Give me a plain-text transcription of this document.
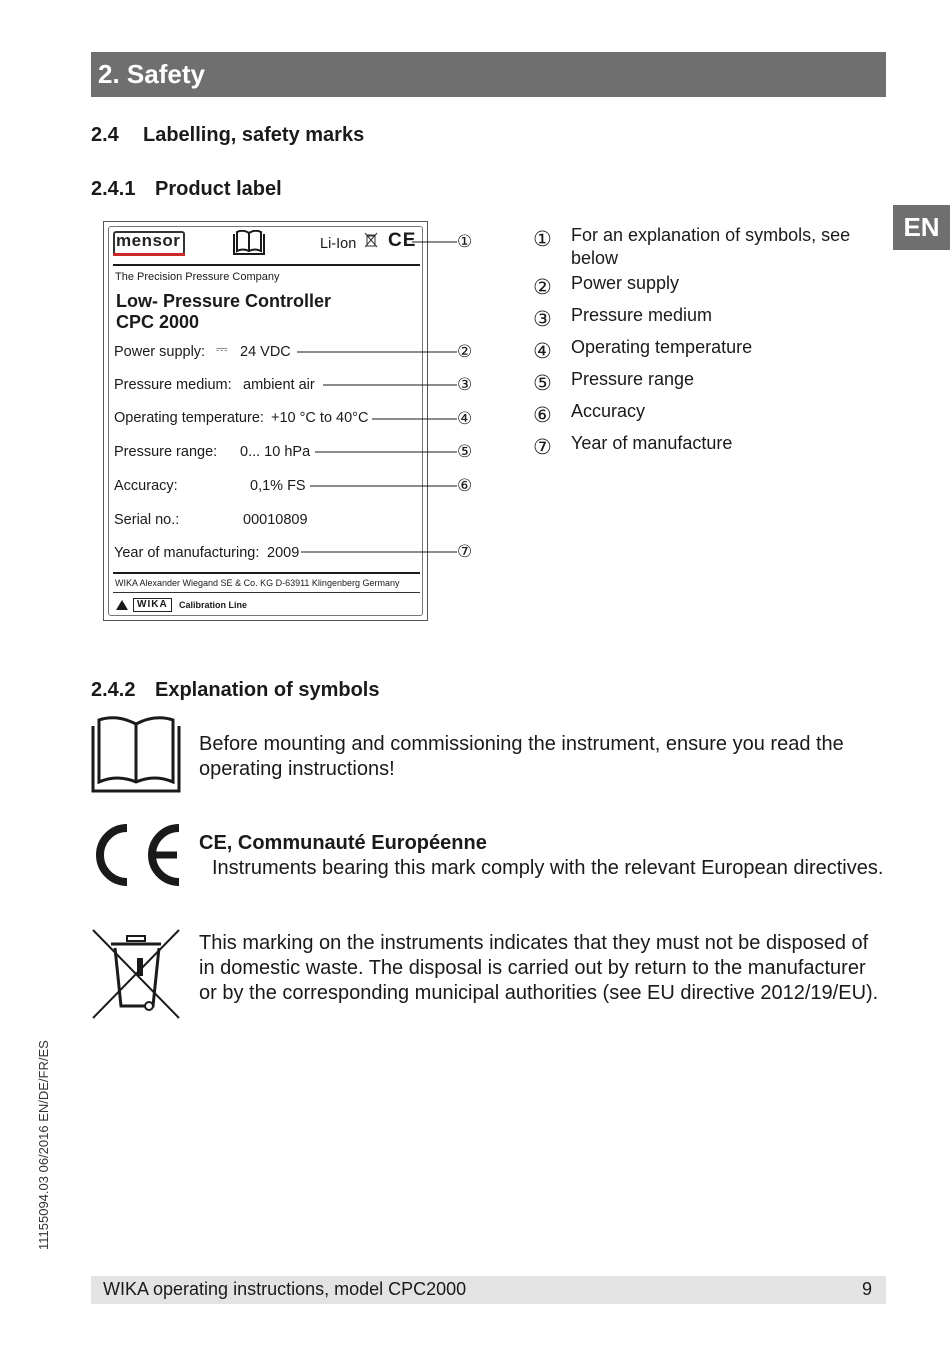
2. Safety
EN
2.4 Labelling, safety marks
2.4.1 Product label
mensor	Li-Ion CE
The Precision Pressure Company
Low- Pressure Controller
CPC 2000
Power supply: ⎓ 24 VDC
Pressure medium: ambient air
Operating temperature: +10 °C to 40°C
Pressure range: 0... 10 hPa
Accuracy:	0,1% FS
Serial no.:	00010809
Year of manufacturing: 2009
WIKA Alexander Wiegand SE & Co. KG D-63911 Klingenberg Germany
WIKA	Calibration Line
①
②
③
④
⑤
⑥
⑦
① For an explanation of symbols, see
below
② Power supply
③ Pressure medium
④ Operating temperature
⑤ Pressure range
⑥ Accuracy
⑦ Year of manufacture
2.4.2 Explanation of symbols
Before mounting and commissioning the instrument, ensure you read the
operating instructions!
CE, Communauté Européenne
Instruments bearing this mark comply with the relevant European directives.
This marking on the instruments indicates that they must not be disposed of
in domestic waste. The disposal is carried out by return to the manufacturer
or by the corresponding municipal authorities (see EU directive 2012/19/EU).
11155094.03 06/2016 EN/DE/FR/ES
WIKA operating instructions, model CPC2000	9
